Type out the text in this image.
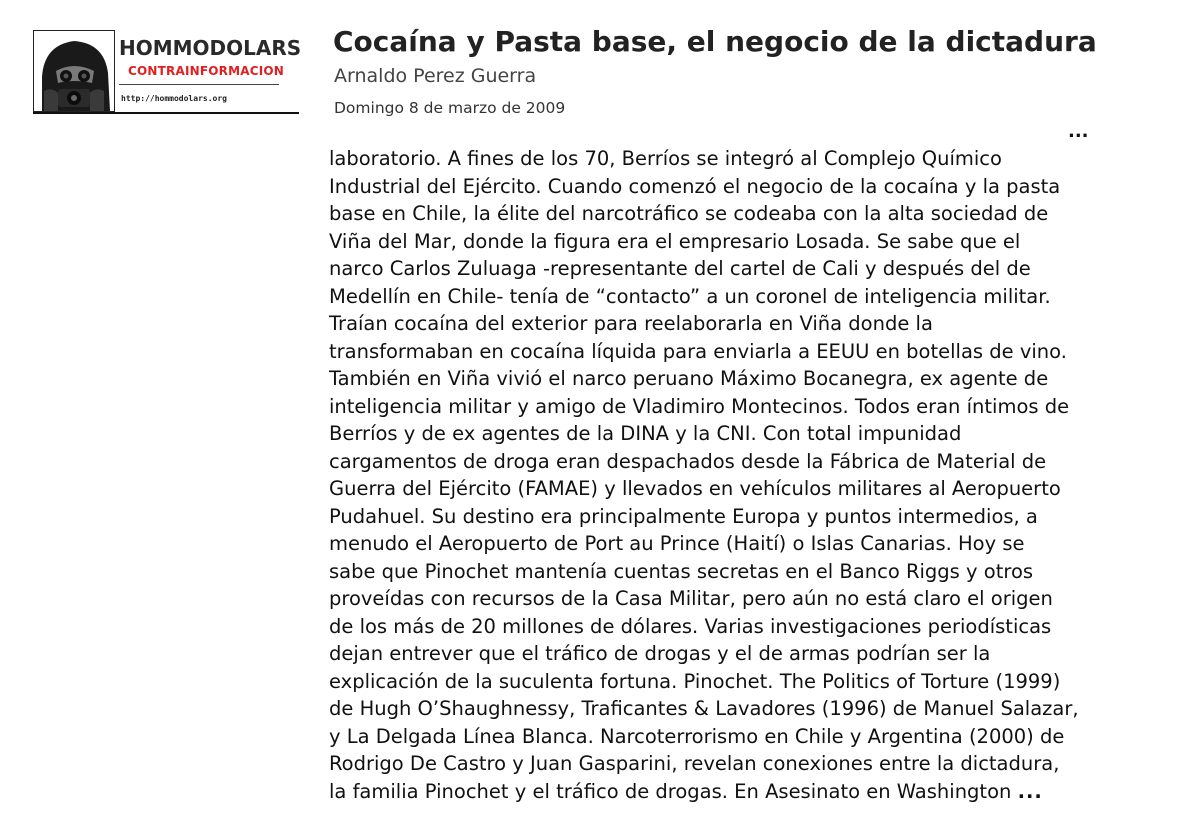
HOMMODOLARS
CONTRAINFORMACION
http://hommodolars.org
Cocaína y Pasta base, el negocio de la dictadura
Arnaldo Perez Guerra
Domingo 8 de marzo de 2009
...
laboratorio. A fines de los 70, Berríos se integró al Complejo Químico
Industrial del Ejército. Cuando comenzó el negocio de la cocaína y la pasta
base en Chile, la élite del narcotráfico se codeaba con la alta sociedad de
Viña del Mar, donde la figura era el empresario Losada. Se sabe que el
narco Carlos Zuluaga -representante del cartel de Cali y después del de
Medellín en Chile- tenía de “contacto” a un coronel de inteligencia militar.
Traían cocaína del exterior para reelaborarla en Viña donde la
transformaban en cocaína líquida para enviarla a EEUU en botellas de vino.
También en Viña vivió el narco peruano Máximo Bocanegra, ex agente de
inteligencia militar y amigo de Vladimiro Montecinos. Todos eran íntimos de
Berríos y de ex agentes de la DINA y la CNI. Con total impunidad
cargamentos de droga eran despachados desde la Fábrica de Material de
Guerra del Ejército (FAMAE) y llevados en vehículos militares al Aeropuerto
Pudahuel. Su destino era principalmente Europa y puntos intermedios, a
menudo el Aeropuerto de Port au Prince (Haití) o Islas Canarias. Hoy se
sabe que Pinochet mantenía cuentas secretas en el Banco Riggs y otros
proveídas con recursos de la Casa Militar, pero aún no está claro el origen
de los más de 20 millones de dólares. Varias investigaciones periodísticas
dejan entrever que el tráfico de drogas y el de armas podrían ser la
explicación de la suculenta fortuna. Pinochet. The Politics of Torture (1999)
de Hugh O’Shaughnessy, Traficantes & Lavadores (1996) de Manuel Salazar,
y La Delgada Línea Blanca. Narcoterrorismo en Chile y Argentina (2000) de
Rodrigo De Castro y Juan Gasparini, revelan conexiones entre la dictadura,
la familia Pinochet y el tráfico de drogas. En Asesinato en Washington ...
